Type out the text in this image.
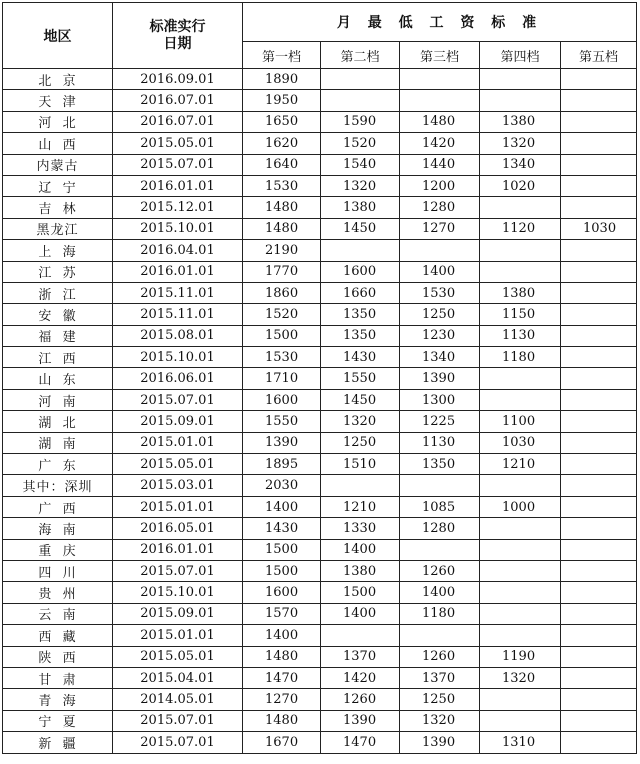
地区	标准实行
日期	月 最 低 工 资 标 准				
		第一档	第二档	第三档	第四档	第五档
北  京	2016.09.01	1890				
天  津	2016.07.01	1950				
河  北	2016.07.01	1650	1590	1480	1380	
山  西	2015.05.01	1620	1520	1420	1320	
内蒙古	2015.07.01	1640	1540	1440	1340	
辽  宁	2016.01.01	1530	1320	1200	1020	
吉  林	2015.12.01	1480	1380	1280		
黑龙江	2015.10.01	1480	1450	1270	1120	1030
上  海	2016.04.01	2190				
江  苏	2016.01.01	1770	1600	1400		
浙  江	2015.11.01	1860	1660	1530	1380	
安  徽	2015.11.01	1520	1350	1250	1150	
福  建	2015.08.01	1500	1350	1230	1130	
江  西	2015.10.01	1530	1430	1340	1180	
山  东	2016.06.01	1710	1550	1390		
河  南	2015.07.01	1600	1450	1300		
湖  北	2015.09.01	1550	1320	1225	1100	
湖  南	2015.01.01	1390	1250	1130	1030	
广  东	2015.05.01	1895	1510	1350	1210	
其中：深圳	2015.03.01	2030				
广  西	2015.01.01	1400	1210	1085	1000	
海  南	2016.05.01	1430	1330	1280		
重  庆	2016.01.01	1500	1400			
四  川	2015.07.01	1500	1380	1260		
贵  州	2015.10.01	1600	1500	1400		
云  南	2015.09.01	1570	1400	1180		
西  藏	2015.01.01	1400				
陕  西	2015.05.01	1480	1370	1260	1190	
甘  肃	2015.04.01	1470	1420	1370	1320	
青  海	2014.05.01	1270	1260	1250		
宁  夏	2015.07.01	1480	1390	1320		
新  疆	2015.07.01	1670	1470	1390	1310	
